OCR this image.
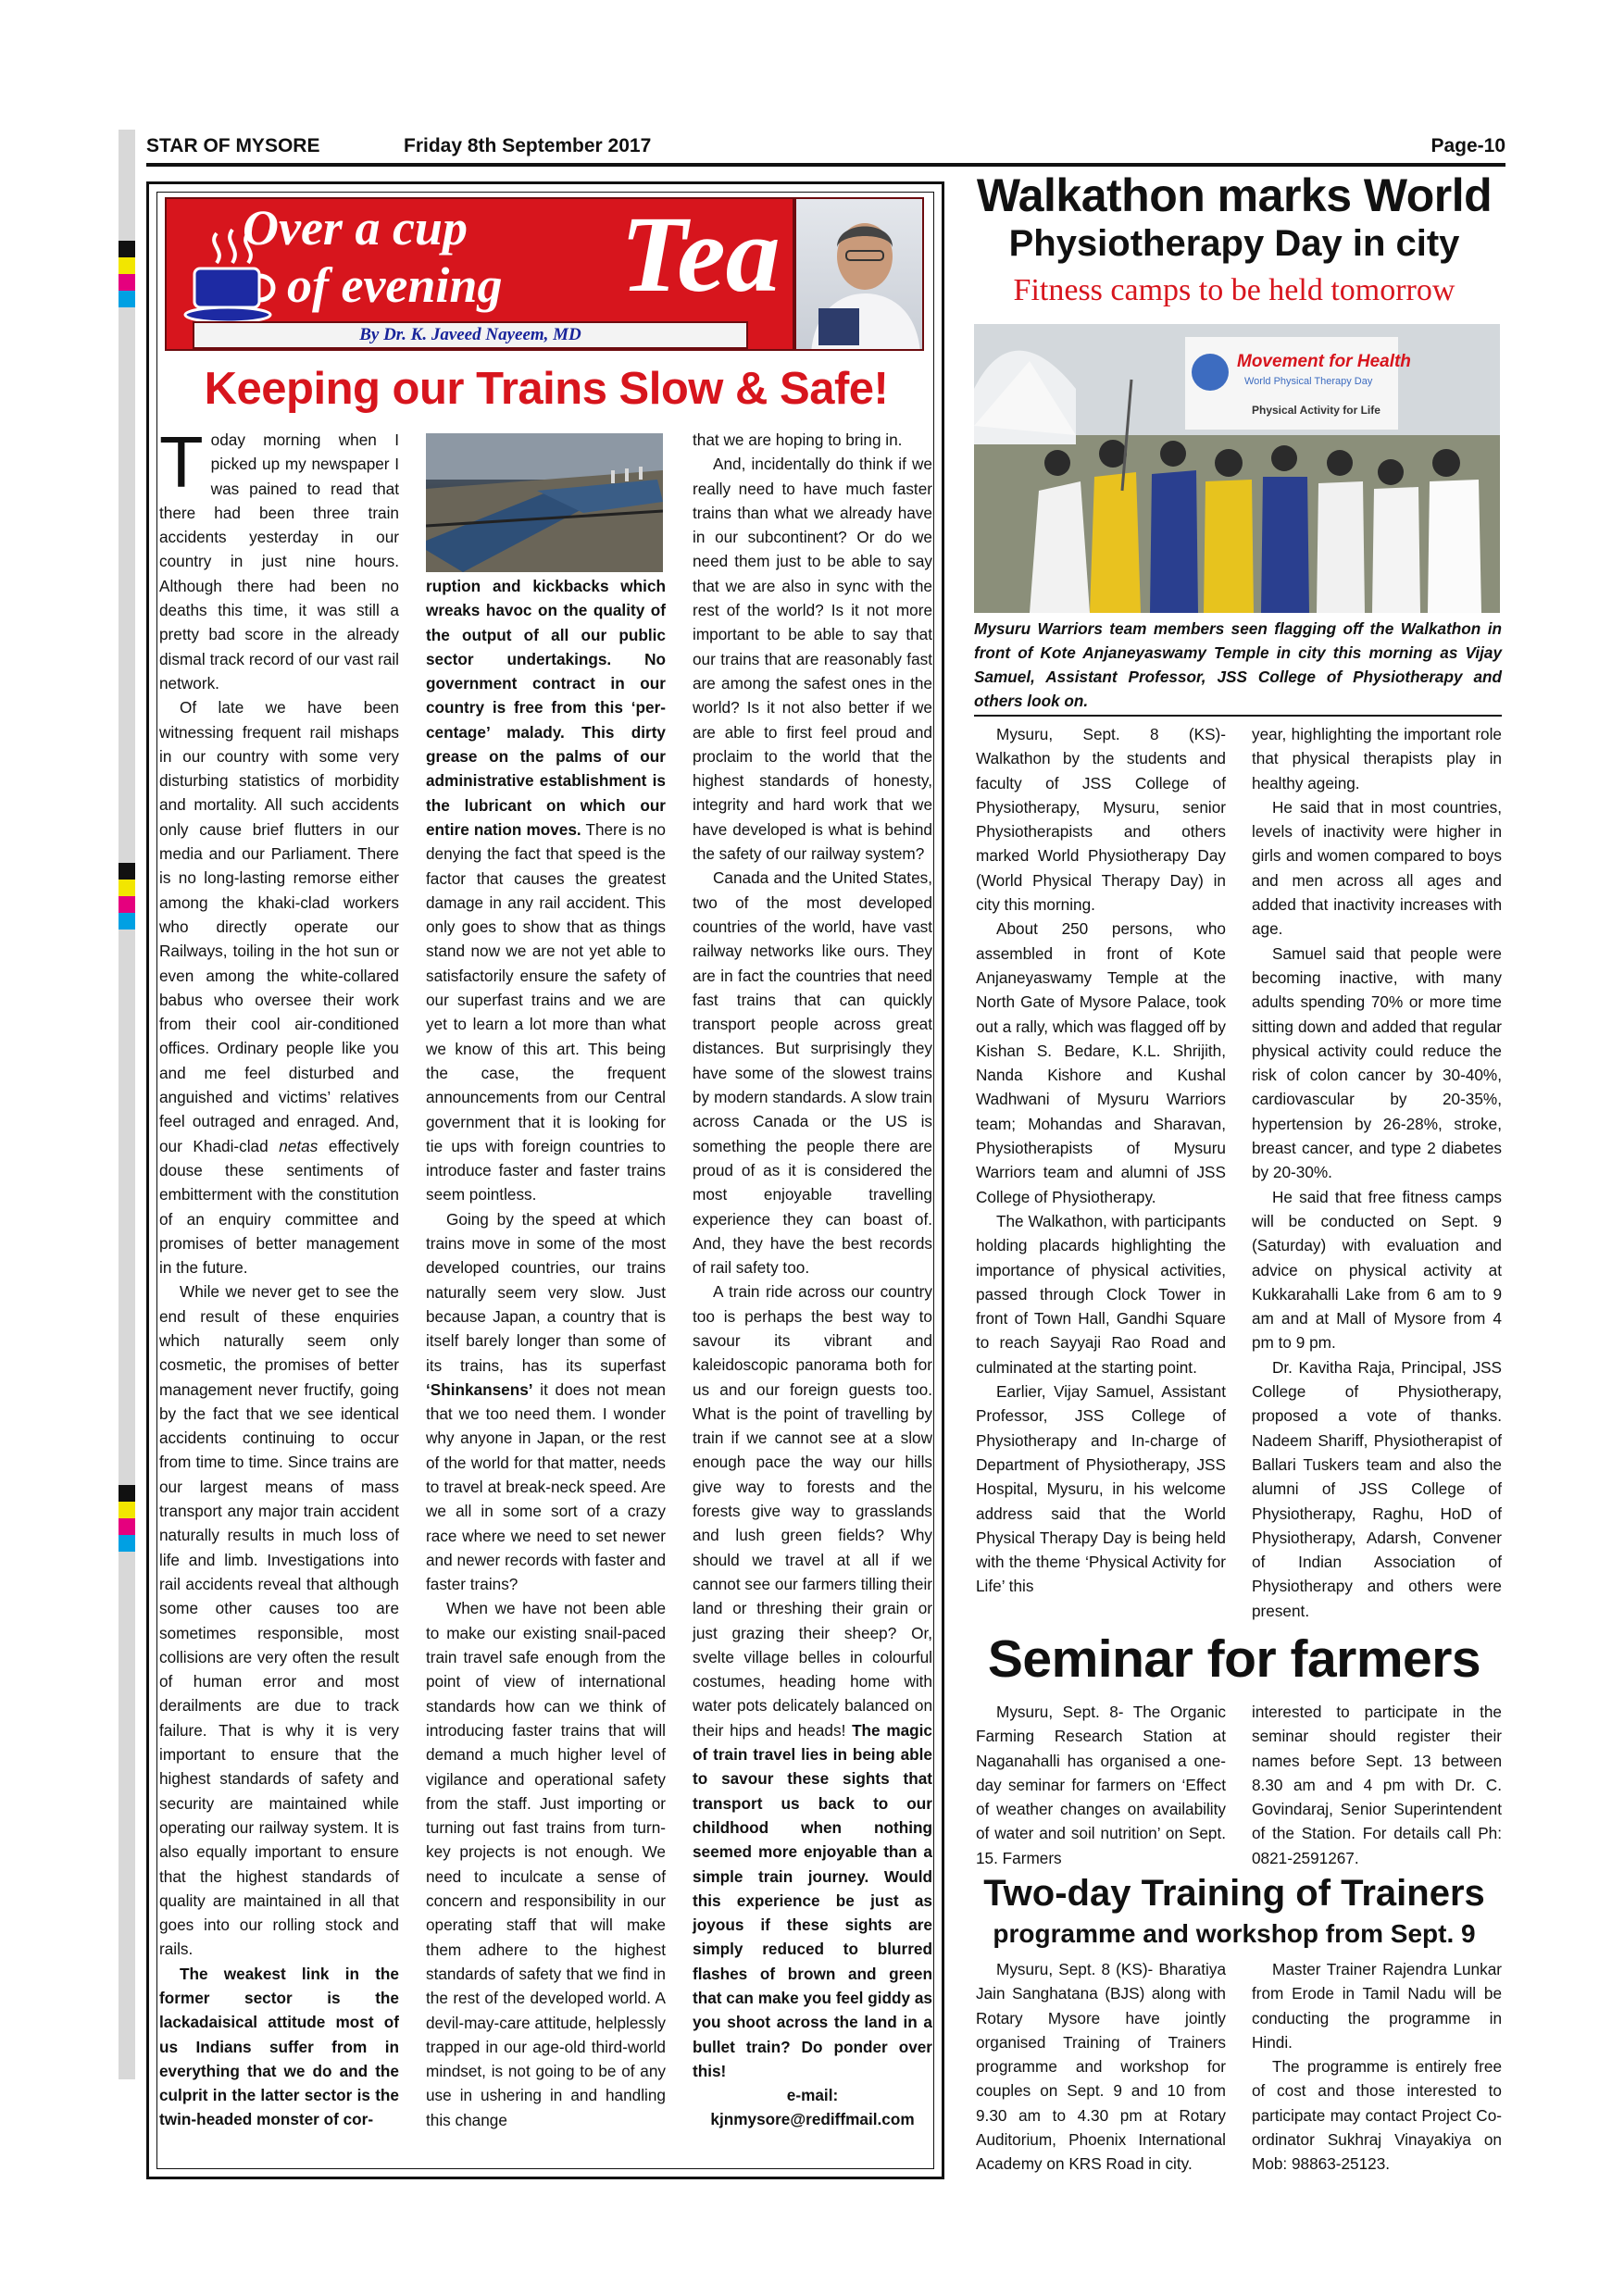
STAR OF MYSORE	Friday 8th September 2017	Page-10
Over a cup
of evening Tea
By Dr. K. Javeed Nayeem, MD
Keeping our Trains Slow & Safe!

Today morning when I picked up my newspaper I was pained to read that there had been three train accidents yesterday in our country in just nine hours. Although there had been no deaths this time, it was still a pretty bad score in the already dismal track record of our vast rail network.

Of late we have been witnessing frequent rail mishaps in our country with some very disturbing statistics of morbidity and mortality. All such accidents only cause brief flutters in our media and our Parliament. There is no long-lasting remorse either among the khaki-clad workers who directly operate our Railways, toiling in the hot sun or even among the white-collared babus who oversee their work from their cool air-conditioned offices. Ordinary people like you and me feel disturbed and anguished and victims’ relatives feel outraged and enraged. And, our Khadi-clad netas effectively douse these sentiments of embitterment with the constitution of an enquiry committee and promises of better management in the future.

While we never get to see the end result of these enquiries which naturally seem only cosmetic, the promises of better management never fructify, going by the fact that we see identical accidents continuing to occur from time to time. Since trains are our largest means of mass transport any major train accident naturally results in much loss of life and limb. Investigations into rail accidents reveal that although some other causes too are sometimes responsible, most collisions are very often the result of human error and most derailments are due to track failure. That is why it is very important to ensure that the highest standards of safety and security are maintained while operating our railway system. It is also equally important to ensure that the highest standards of quality are maintained in all that goes into our rolling stock and rails.

The weakest link in the former sector is the lackadaisical attitude most of us Indians suffer from in everything that we do and the culprit in the latter sector is the twin-headed monster of cor-

ruption and kickbacks which wreaks havoc on the quality of the output of all our public sector undertakings. No government contract in our country is free from this ‘per-centage’ malady. This dirty grease on the palms of our administrative establishment is the lubricant on which our entire nation moves. There is no denying the fact that speed is the factor that causes the greatest damage in any rail accident. This only goes to show that as things stand now we are not yet able to satisfactorily ensure the safety of our superfast trains and we are yet to learn a lot more than what we know of this art. This being the case, the frequent announcements from our Central government that it is looking for tie ups with foreign countries to introduce faster and faster trains seem pointless.

Going by the speed at which trains move in some of the most developed countries, our trains naturally seem very slow. Just because Japan, a country that is itself barely longer than some of its trains, has its superfast ‘Shinkansens’ it does not mean that we too need them. I wonder why anyone in Japan, or the rest of the world for that matter, needs to travel at break-neck speed. Are we all in some sort of a crazy race where we need to set newer and newer records with faster and faster trains?

When we have not been able to make our existing snail-paced train travel safe enough from the point of view of international standards how can we think of introducing faster trains that will demand a much higher level of vigilance and operational safety from the staff. Just importing or turning out fast trains from turn-key projects is not enough. We need to inculcate a sense of concern and responsibility in our operating staff that will make them adhere to the highest standards of safety that we find in the rest of the developed world. A devil-may-care attitude, helplessly trapped in our age-old third-world mindset, is not going to be of any use in ushering in and handling this change

that we are hoping to bring in.

And, incidentally do think if we really need to have much faster trains than what we already have in our subcontinent? Or do we need them just to be able to say that we are also in sync with the rest of the world? Is it not more important to be able to say that our trains that are reasonably fast are among the safest ones in the world? Is it not also better if we are able to first feel proud and proclaim to the world that the highest standards of honesty, integrity and hard work that we have developed is what is behind the safety of our railway system?

Canada and the United States, two of the most developed countries of the world, have vast railway networks like ours. They are in fact the countries that need fast trains that can quickly transport people across great distances. But surprisingly they have some of the slowest trains by modern standards. A slow train across Canada or the US is something the people there are proud of as it is considered the most enjoyable travelling experience they can boast of. And, they have the best records of rail safety too.

A train ride across our country too is perhaps the best way to savour its vibrant and kaleidoscopic panorama both for us and our foreign guests too. What is the point of travelling by train if we cannot see at a slow enough pace the way our hills give way to forests and the forests give way to grasslands and lush green fields? Why should we travel at all if we cannot see our farmers tilling their land or threshing their grain or just grazing their sheep? Or, svelte village belles in colourful costumes, heading home with water pots delicately balanced on their hips and heads! The magic of train travel lies in being able to savour these sights that transport us back to our childhood when nothing seemed more enjoyable than a simple train journey. Would this experience be just as joyous if these sights are simply reduced to blurred flashes of brown and green that can make you feel giddy as you shoot across the land in a bullet train? Do ponder over this!

e-mail:
kjnmysore@rediffmail.com
Walkathon marks World
Physiotherapy Day in city
Fitness camps to be held tomorrow
Movement for Health
World Physical Therapy Day
Physical Activity for Life
Mysuru Warriors team members seen flagging off the Walkathon in front of Kote Anjaneyaswamy Temple in city this morning as Vijay Samuel, Assistant Professor, JSS College of Physiotherapy and others look on.

Mysuru, Sept. 8 (KS)- Walkathon by the students and faculty of JSS College of Physiotherapy, Mysuru, senior Physiotherapists and others marked World Physiotherapy Day (World Physical Therapy Day) in city this morning.

About 250 persons, who assembled in front of Kote Anjaneyaswamy Temple at the North Gate of Mysore Palace, took out a rally, which was flagged off by Kishan S. Bedare, K.L. Shrijith, Nanda Kishore and Kushal Wadhwani of Mysuru Warriors team; Mohandas and Sharavan, Physiotherapists of Mysuru Warriors team and alumni of JSS College of Physiotherapy.

The Walkathon, with participants holding placards highlighting the importance of physical activities, passed through Clock Tower in front of Town Hall, Gandhi Square to reach Sayyaji Rao Road and culminated at the starting point.

Earlier, Vijay Samuel, Assistant Professor, JSS College of Physiotherapy and In-charge of Department of Physiotherapy, JSS Hospital, Mysuru, in his welcome address said that the World Physical Therapy Day is being held with the theme ‘Physical Activity for Life’ this

year, highlighting the important role that physical therapists play in healthy ageing.

He said that in most countries, levels of inactivity were higher in girls and women compared to boys and men across all ages and added that inactivity increases with age.

Samuel said that people were becoming inactive, with many adults spending 70% or more time sitting down and added that regular physical activity could reduce the risk of colon cancer by 30-40%, cardiovascular by 20-35%, hypertension by 26-28%, stroke, breast cancer, and type 2 diabetes by 20-30%.

He said that free fitness camps will be conducted on Sept. 9 (Saturday) with evaluation and advice on physical activity at Kukkarahalli Lake from 6 am to 9 am and at Mall of Mysore from 4 pm to 9 pm.

Dr. Kavitha Raja, Principal, JSS College of Physiotherapy, proposed a vote of thanks. Nadeem Shariff, Physiotherapist of Ballari Tuskers team and also the alumni of JSS College of Physiotherapy, Raghu, HoD of Physiotherapy, Adarsh, Convener of Indian Association of Physiotherapy and others were present.

Seminar for farmers

Mysuru, Sept. 8- The Organic Farming Research Station at Naganahalli has organised a one-day seminar for farmers on ‘Effect of weather changes on availability of water and soil nutrition’ on Sept. 15. Farmers

interested to participate in the seminar should register their names before Sept. 13 between 8.30 am and 4 pm with Dr. C. Govindaraj, Senior Superintendent of the Station. For details call Ph: 0821-2591267.

Two-day Training of Trainers
programme and workshop from Sept. 9

Mysuru, Sept. 8 (KS)- Bharatiya Jain Sanghatana (BJS) along with Rotary Mysore have jointly organised Training of Trainers programme and workshop for couples on Sept. 9 and 10 from 9.30 am to 4.30 pm at Rotary Auditorium, Phoenix International Academy on KRS Road in city.

Master Trainer Rajendra Lunkar from Erode in Tamil Nadu will be conducting the programme in Hindi.

The programme is entirely free of cost and those interested to participate may contact Project Co-ordinator Sukhraj Vinayakiya on Mob: 98863-25123.
